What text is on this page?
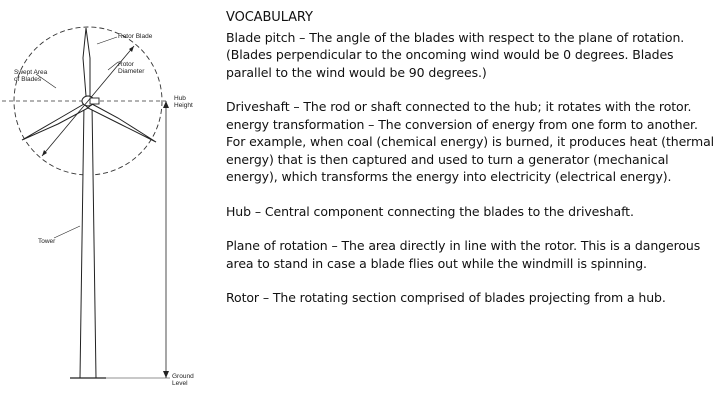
Rotor Blade
Swept Area
of Blades
Rotor
Diameter
Hub
Height
Tower
Ground
Level
VOCABULARY

Blade pitch – The angle of the blades with respect to the plane of rotation. (Blades perpendicular to the oncoming wind would be 0 degrees. Blades parallel to the wind would be 90 degrees.)

Driveshaft – The rod or shaft connected to the hub; it rotates with the rotor. energy transformation – The conversion of energy from one form to another. For example, when coal (chemical energy) is burned, it produces heat (thermal energy) that is then captured and used to turn a generator (mechanical energy), which transforms the energy into electricity (electrical energy).

Hub – Central component connecting the blades to the driveshaft.

Plane of rotation – The area directly in line with the rotor. This is a dangerous area to stand in case a blade flies out while the windmill is spinning.

Rotor – The rotating section comprised of blades projecting from a hub.
